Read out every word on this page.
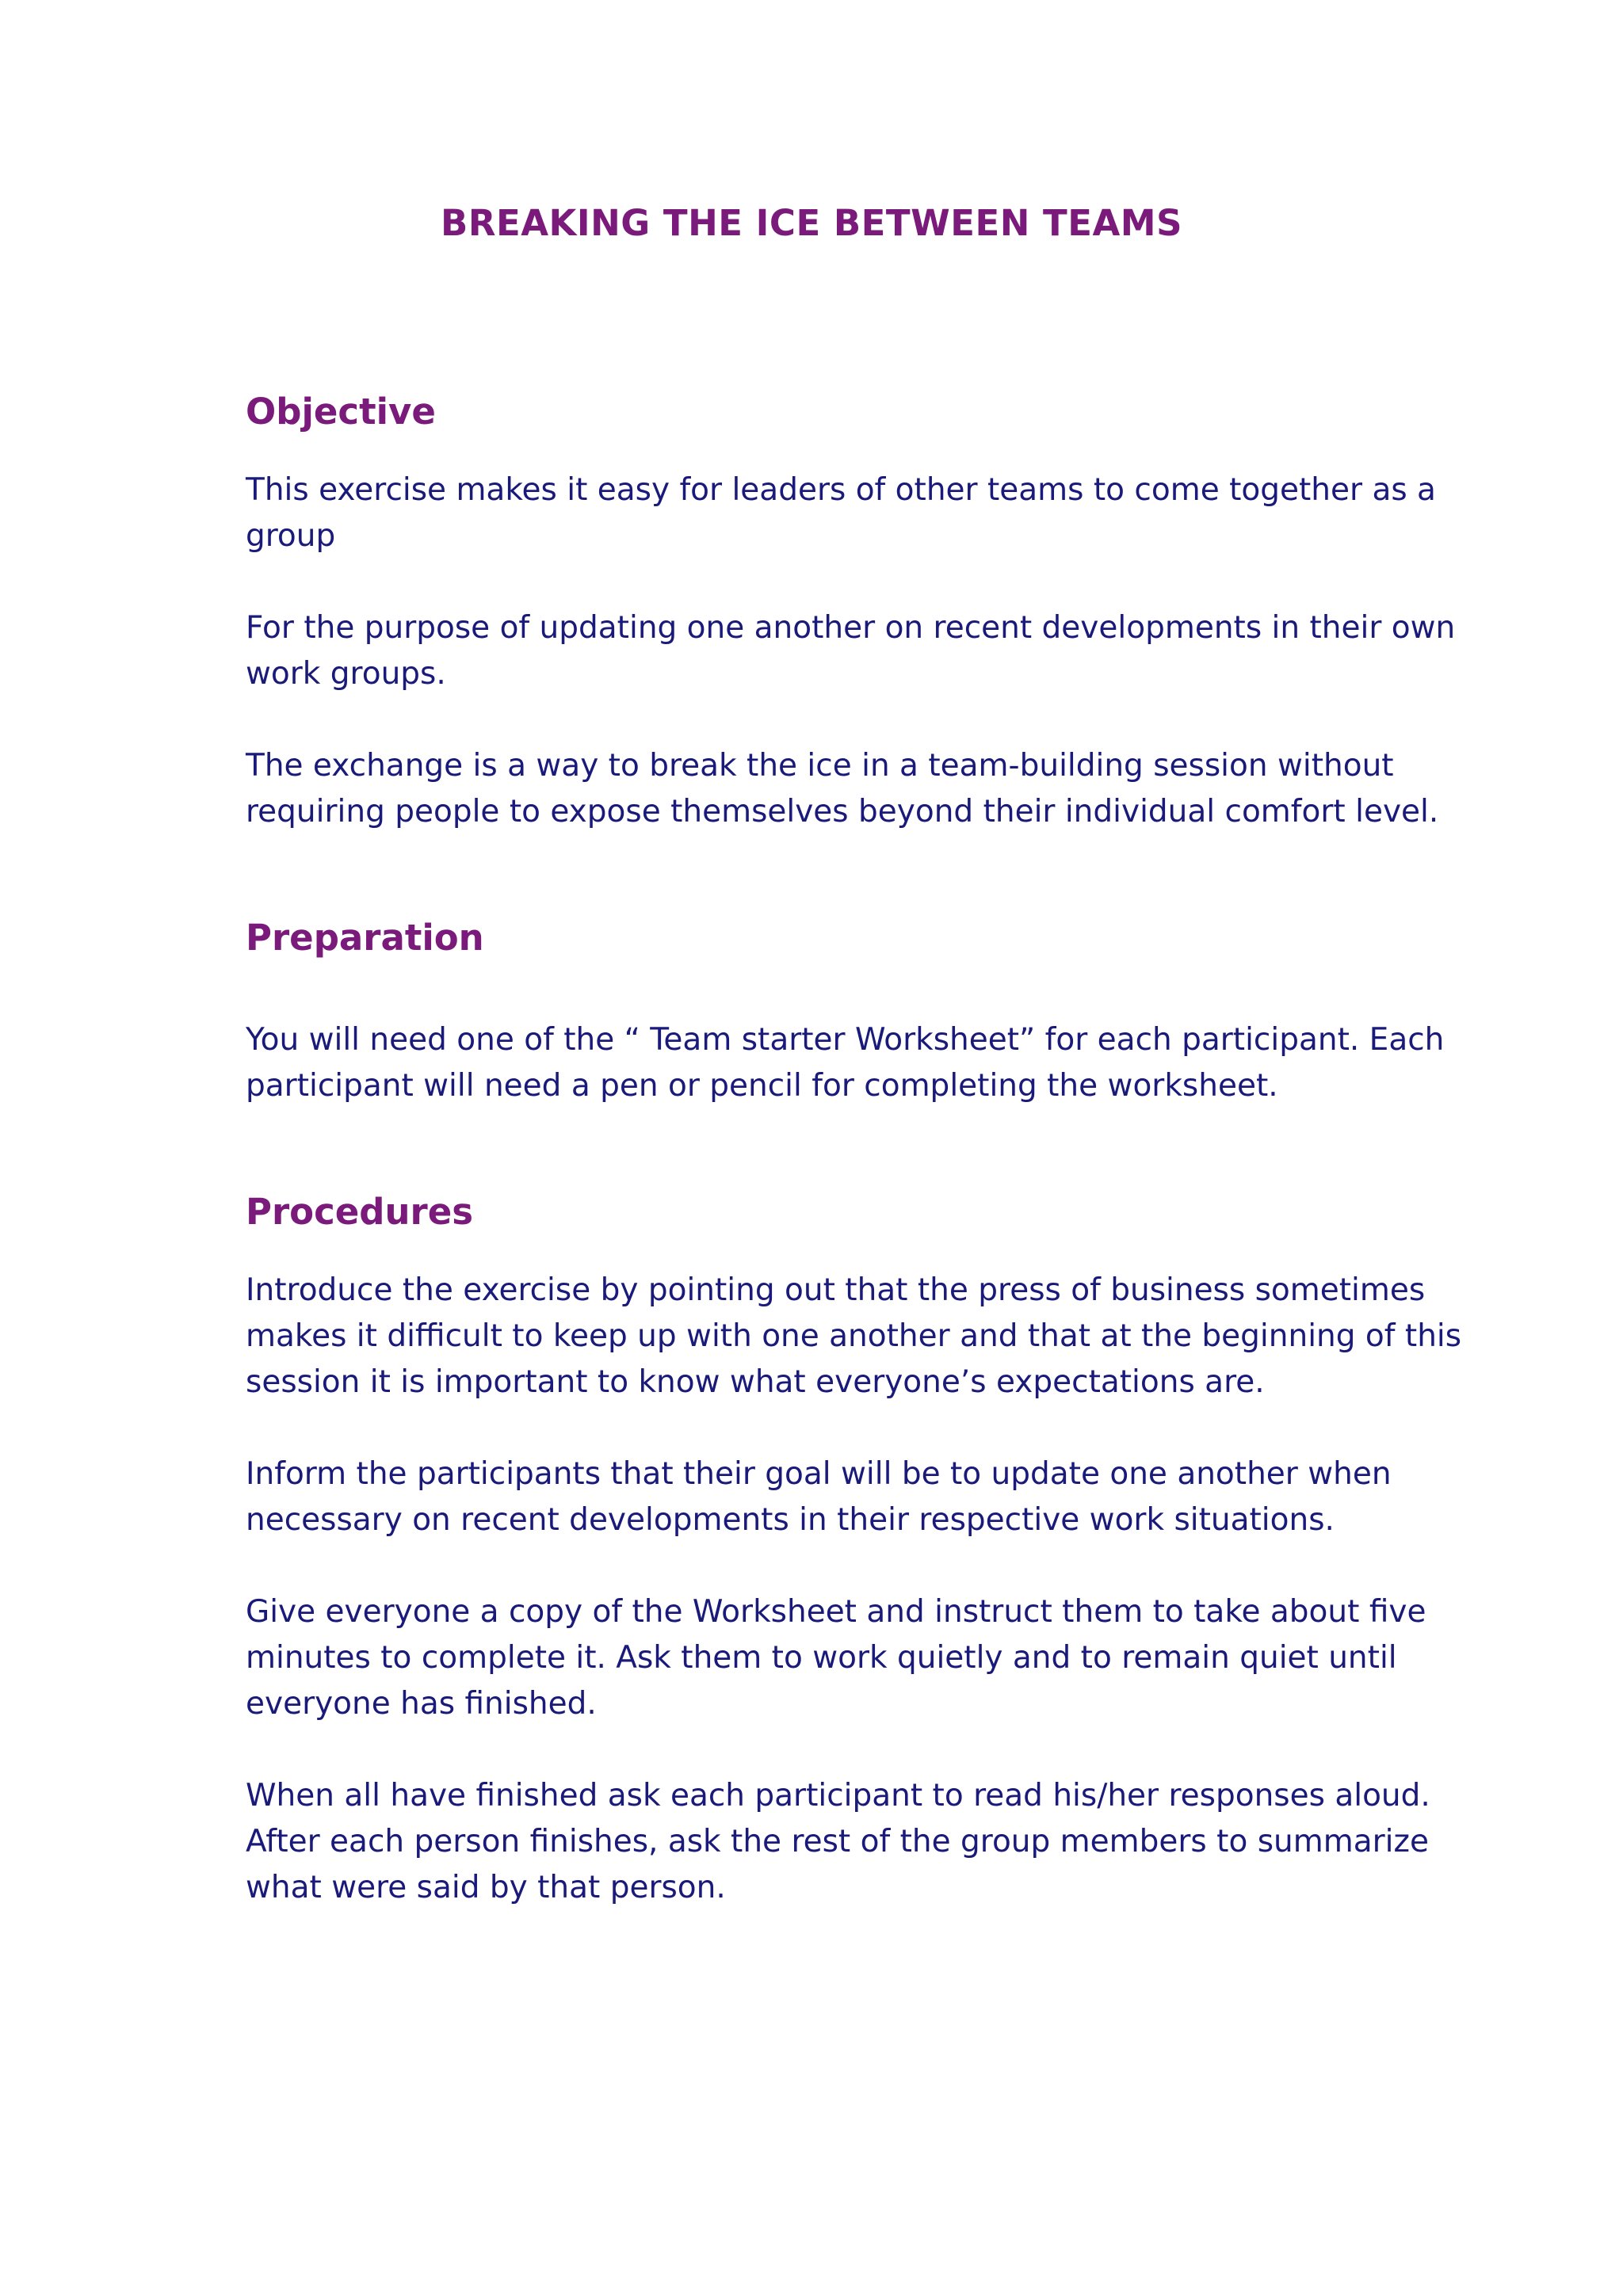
BREAKING THE ICE BETWEEN TEAMS
Objective

This exercise makes it easy for leaders of other teams to come together as a group

For the purpose of updating one another on recent developments in their own work groups.

The exchange is a way to break the ice in a team-building session without requiring people to expose themselves beyond their individual comfort level.

Preparation

You will need one of the “ Team starter Worksheet” for each participant. Each participant will need a pen or pencil for completing the worksheet.

Procedures

Introduce the exercise by pointing out that the press of business sometimes makes it difficult to keep up with one another and that at the beginning of this session it is important to know what everyone’s expectations are.

Inform the participants that their goal will be to update one another when necessary on recent developments in their respective work situations.

Give everyone a copy of the Worksheet and instruct them to take about five minutes to complete it. Ask them to work quietly and to remain quiet until everyone has finished.

When all have finished ask each participant to read his/her responses aloud. After each person finishes, ask the rest of the group members to summarize what were said by that person.
